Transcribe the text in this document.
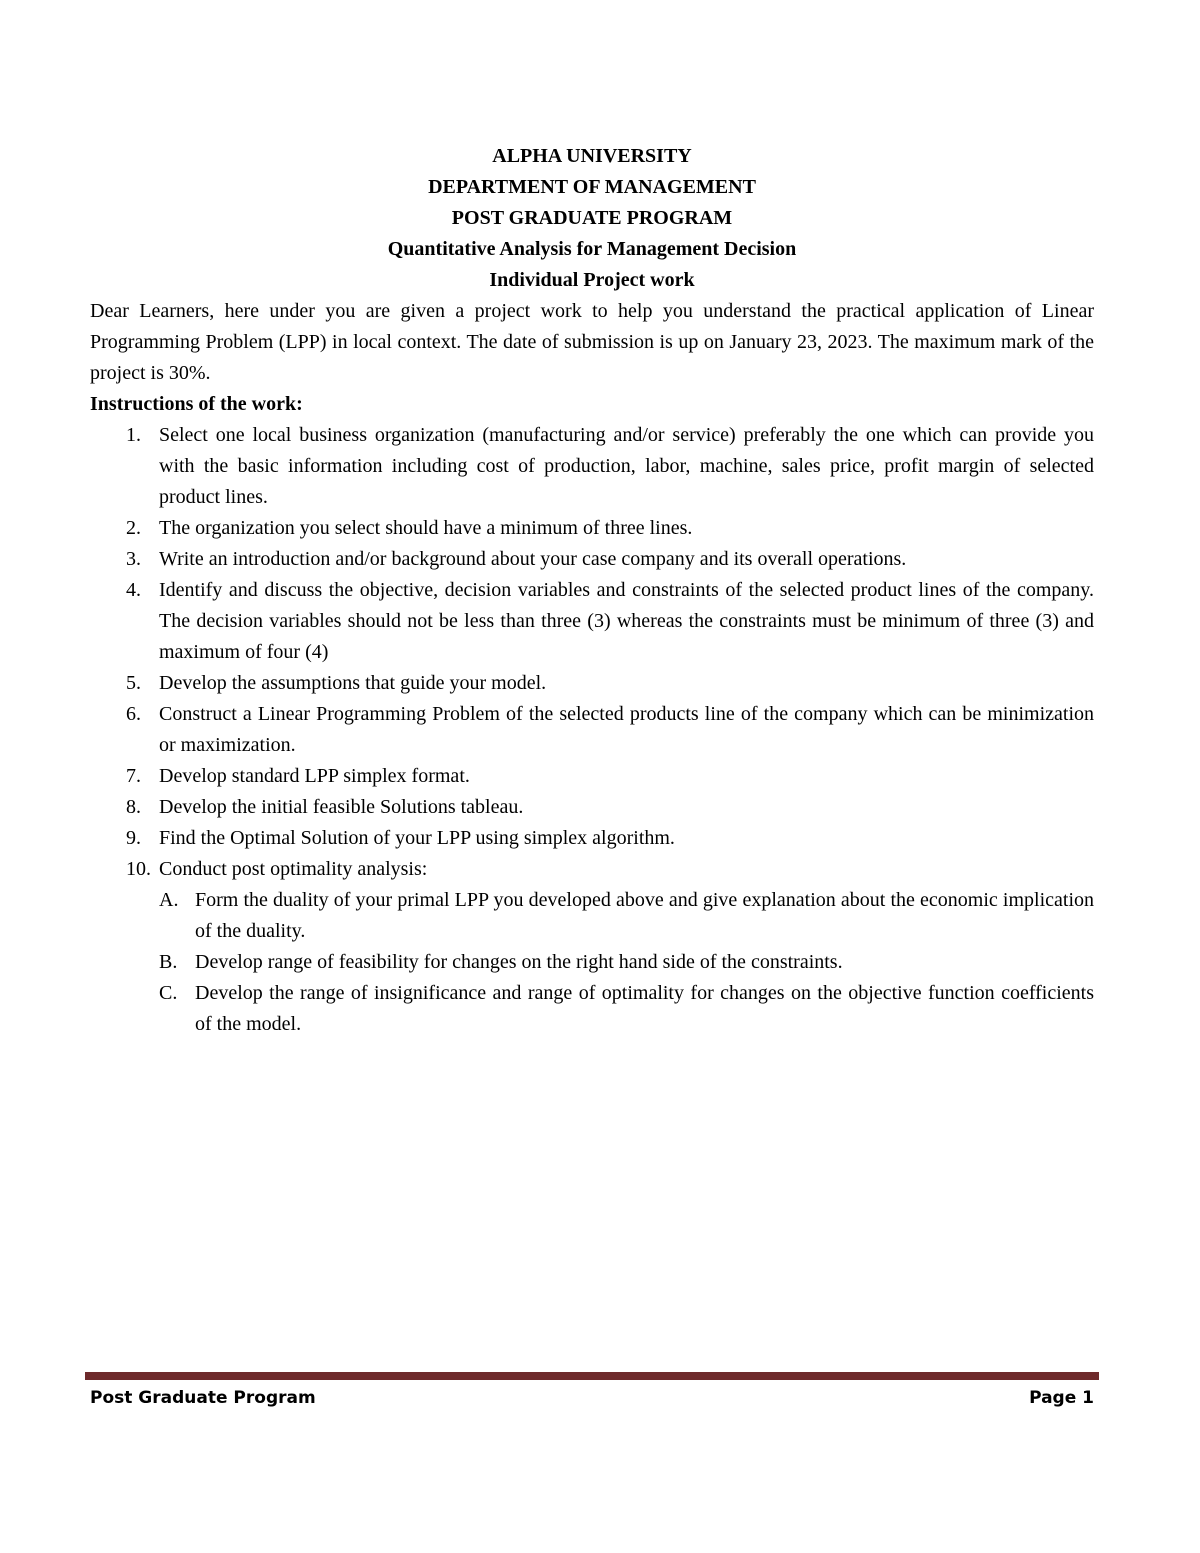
ALPHA UNIVERSITY
DEPARTMENT OF MANAGEMENT
POST GRADUATE PROGRAM
Quantitative Analysis for Management Decision
Individual Project work

Dear Learners, here under you are given a project work to help you understand the practical application of Linear Programming Problem (LPP) in local context. The date of submission is up on January 23, 2023. The maximum mark of the project is 30%.

Instructions of the work:
1. Select one local business organization (manufacturing and/or service) preferably the one which can provide you with the basic information including cost of production, labor, machine, sales price, profit margin of selected product lines.
2. The organization you select should have a minimum of three lines.
3. Write an introduction and/or background about your case company and its overall operations.
4. Identify and discuss the objective, decision variables and constraints of the selected product lines of the company. The decision variables should not be less than three (3) whereas the constraints must be minimum of three (3) and maximum of four (4)
5. Develop the assumptions that guide your model.
6. Construct a Linear Programming Problem of the selected products line of the company which can be minimization or maximization.
7. Develop standard LPP simplex format.
8. Develop the initial feasible Solutions tableau.
9. Find the Optimal Solution of your LPP using simplex algorithm.
10. Conduct post optimality analysis:
A. Form the duality of your primal LPP you developed above and give explanation about the economic implication of the duality.
B. Develop range of feasibility for changes on the right hand side of the constraints.
C. Develop the range of insignificance and range of optimality for changes on the objective function coefficients of the model.
Post Graduate Program	Page 1
